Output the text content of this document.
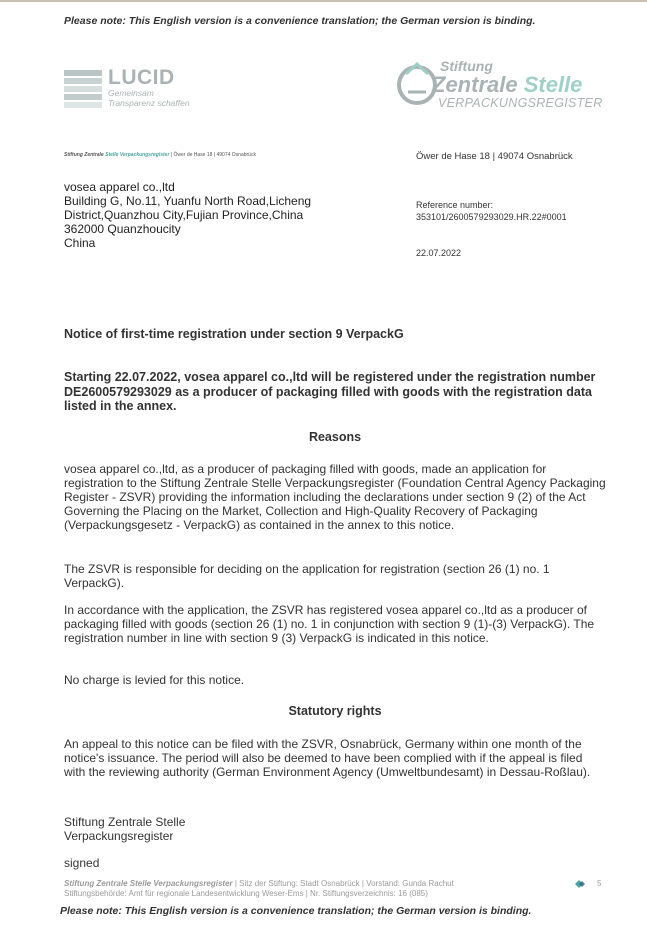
Please note: This English version is a convenience translation; the German version is binding.
LUCID
Gemeinsam
Transparenz schaffen
Stiftung
Zentrale Stelle
VERPACKUNGSREGISTER
Stiftung Zentrale Stelle Verpackungsregister | Öwer de Hase 18 | 49074 Osnabrück	Öwer de Hase 18 | 49074 Osnabrück
vosea apparel co.,ltd
Building G, No.11, Yuanfu North Road,Licheng
District,Quanzhou City,Fujian Province,China
362000 Quanzhoucity
China
Reference number:
353101/2600579293029.HR.22#0001
22.07.2022
Notice of first-time registration under section 9 VerpackG

Starting 22.07.2022, vosea apparel co.,ltd will be registered under the registration number DE2600579293029 as a producer of packaging filled with goods with the registration data listed in the annex.

Reasons

vosea apparel co.,ltd, as a producer of packaging filled with goods, made an application for registration to the Stiftung Zentrale Stelle Verpackungsregister (Foundation Central Agency Packaging Register - ZSVR) providing the information including the declarations under section 9 (2) of the Act Governing the Placing on the Market, Collection and High-Quality Recovery of Packaging (Verpackungsgesetz - VerpackG) as contained in the annex to this notice.

The ZSVR is responsible for deciding on the application for registration (section 26 (1) no. 1 VerpackG).

In accordance with the application, the ZSVR has registered vosea apparel co.,ltd as a producer of packaging filled with goods (section 26 (1) no. 1 in conjunction with section 9 (1)-(3) VerpackG). The registration number in line with section 9 (3) VerpackG is indicated in this notice.

No charge is levied for this notice.

Statutory rights

An appeal to this notice can be filed with the ZSVR, Osnabrück, Germany within one month of the notice's issuance. The period will also be deemed to have been complied with if the appeal is filed with the reviewing authority (German Environment Agency (Umweltbundesamt) in Dessau-Roßlau).

Stiftung Zentrale Stelle
Verpackungsregister
signed
Stiftung Zentrale Stelle Verpackungsregister | Sitz der Stiftung: Stadt Osnabrück | Vorstand: Gunda Rachut
Stiftungsbehörde: Amt für regionale Landesentwicklung Weser-Ems | Nr. Stiftungsverzeichnis: 16 (085)
5
Please note: This English version is a convenience translation; the German version is binding.
